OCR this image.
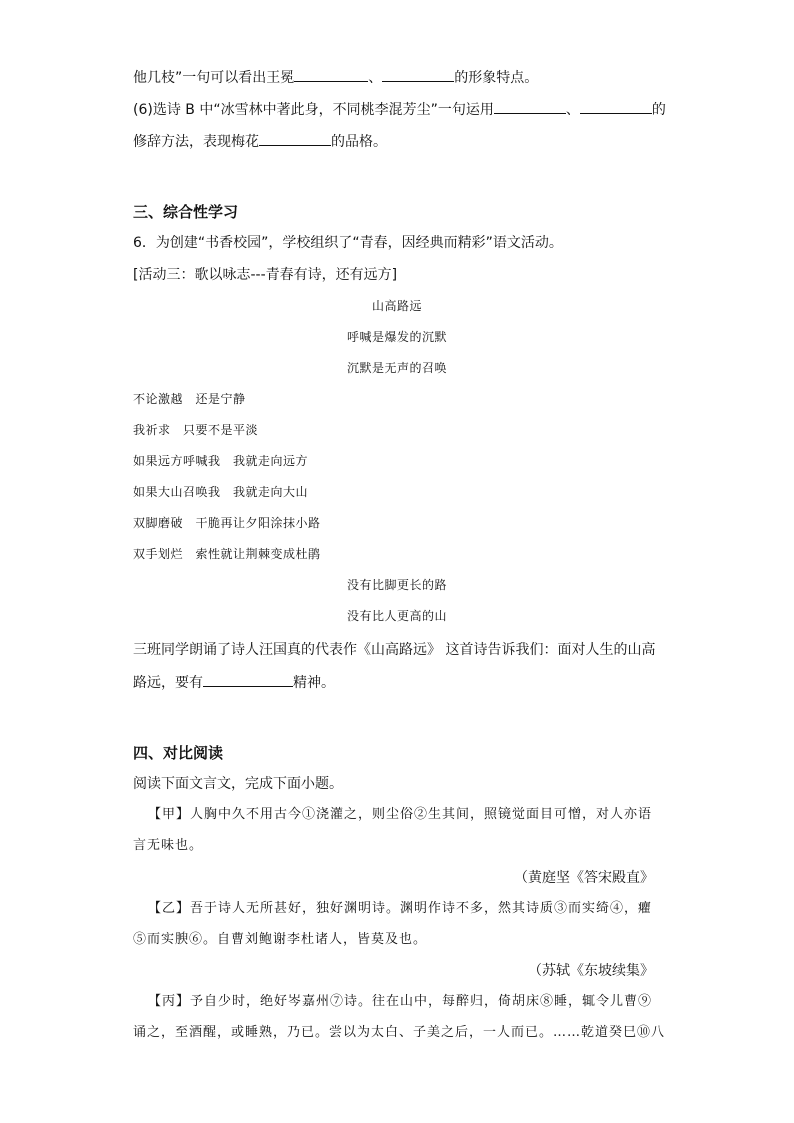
他几枝”一句可以看出王冕	、	的形象特点。
(6)选诗 B 中“冰雪林中著此身，不同桃李混芳尘”一句运用	、	的
修辞方法，表现梅花	的品格。
三、综合性学习
6．为创建“书香校园”，学校组织了“青春，因经典而精彩”语文活动。
[活动三：歌以咏志---青春有诗，还有远方]
山高路远
呼喊是爆发的沉默
沉默是无声的召唤
不论激越　还是宁静
我祈求　只要不是平淡
如果远方呼喊我　我就走向远方
如果大山召唤我　我就走向大山
双脚磨破　干脆再让夕阳涂抹小路
双手划烂　索性就让荆棘变成杜鹃
没有比脚更长的路
没有比人更高的山
三班同学朗诵了诗人汪国真的代表作《山高路远》 这首诗告诉我们：面对人生的山高
路远，要有	精神。
四、对比阅读
阅读下面文言文，完成下面小题。
【甲】人胸中久不用古今①浇灌之，则尘俗②生其间，照镜觉面目可憎，对人亦语
言无味也。
（黄庭坚《答宋殿直》
【乙】吾于诗人无所甚好，独好渊明诗。渊明作诗不多，然其诗质③而实绮④，癯
⑤而实腴⑥。自曹刘鲍谢李杜诸人，皆莫及也。
（苏轼《东坡续集》
【丙】予自少时，绝好岑嘉州⑦诗。往在山中，每醉归，倚胡床⑧睡，辄令儿曹⑨
诵之，至酒醒，或睡熟，乃已。尝以为太白、子美之后，一人而已。……乾道癸巳⑩八
